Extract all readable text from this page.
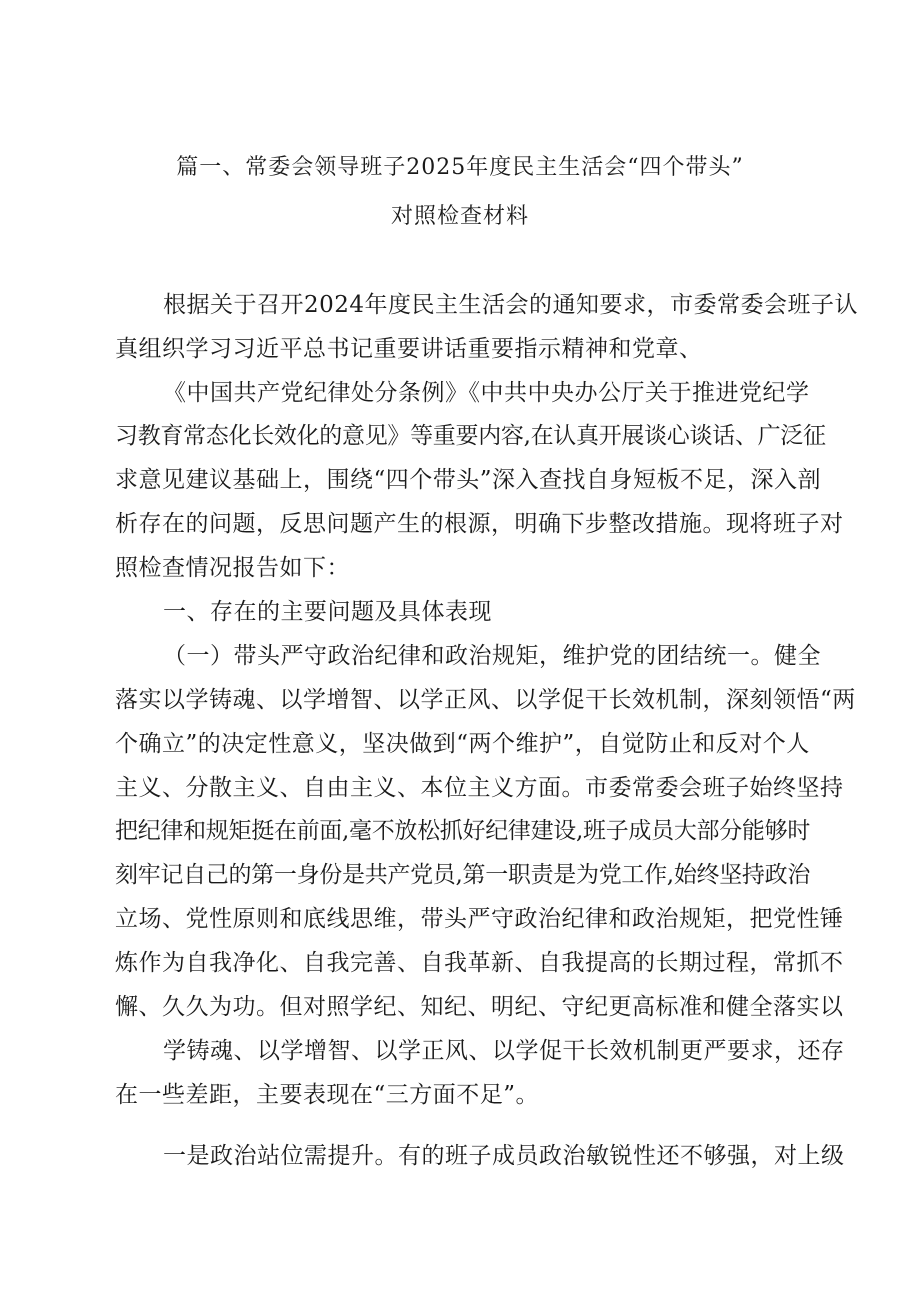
篇一、常委会领导班子2025年度民主生活会“四个带头”
对照检查材料
根据关于召开2024年度民主生活会的通知要求，市委常委会班子认
真组织学习习近平总书记重要讲话重要指示精神和党章、
《中国共产党纪律处分条例》《中共中央办公厅关于推进党纪学
习教育常态化长效化的意见》等重要内容,在认真开展谈心谈话、广泛征
求意见建议基础上，围绕“四个带头”深入查找自身短板不足，深入剖
析存在的问题，反思问题产生的根源，明确下步整改措施。现将班子对
照检查情况报告如下：
一、存在的主要问题及具体表现
（一）带头严守政治纪律和政治规矩，维护党的团结统一。健全
落实以学铸魂、以学增智、以学正风、以学促干长效机制，深刻领悟“两
个确立”的决定性意义，坚决做到“两个维护”，自觉防止和反对个人
主义、分散主义、自由主义、本位主义方面。市委常委会班子始终坚持
把纪律和规矩挺在前面,毫不放松抓好纪律建设,班子成员大部分能够时
刻牢记自己的第一身份是共产党员,第一职责是为党工作,始终坚持政治
立场、党性原则和底线思维，带头严守政治纪律和政治规矩，把党性锤
炼作为自我净化、自我完善、自我革新、自我提高的长期过程，常抓不
懈、久久为功。但对照学纪、知纪、明纪、守纪更高标准和健全落实以
学铸魂、以学增智、以学正风、以学促干长效机制更严要求，还存
在一些差距，主要表现在“三方面不足”。
一是政治站位需提升。有的班子成员政治敏锐性还不够强，对上级
